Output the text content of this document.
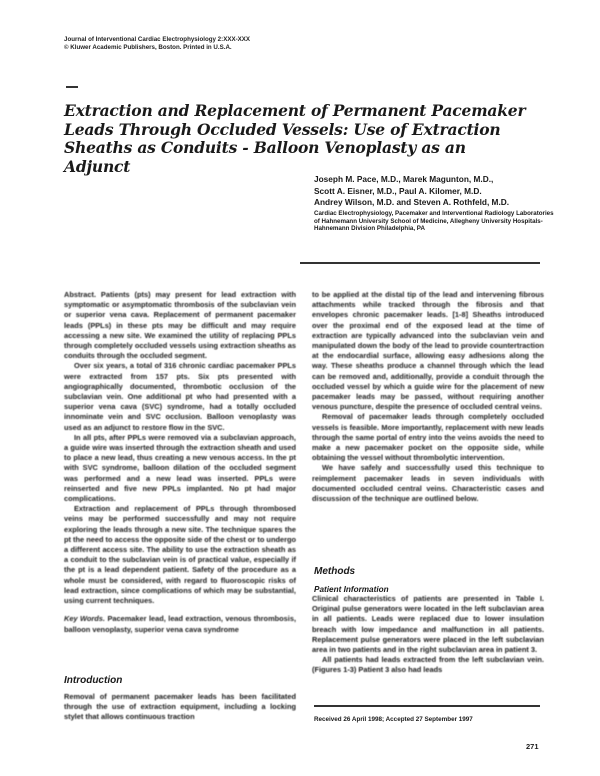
Journal of Interventional Cardiac Electrophysiology 2:XXX-XXX
© Kluwer Academic Publishers, Boston. Printed in U.S.A.
Extraction and Replacement of Permanent Pacemaker Leads Through Occluded Vessels: Use of Extraction Sheaths as Conduits - Balloon Venoplasty as an Adjunct
Joseph M. Pace, M.D., Marek Magunton, M.D.,
Scott A. Eisner, M.D., Paul A. Kilomer, M.D.
Andrey Wilson, M.D. and Steven A. Rothfeld, M.D.
Cardiac Electrophysiology, Pacemaker and Interventional Radiology Laboratories of Hahnemann University School of Medicine, Allegheny University Hospitals-Hahnemann Division Philadelphia, PA

Abstract. Patients (pts) may present for lead extraction with symptomatic or asymptomatic thrombosis of the subclavian vein or superior vena cava. Replacement of permanent pacemaker leads (PPLs) in these pts may be difficult and may require accessing a new site. We examined the utility of replacing PPLs through completely occluded vessels using extraction sheaths as conduits through the occluded segment.

Over six years, a total of 316 chronic cardiac pacemaker PPLs were extracted from 157 pts. Six pts presented with angiographically documented, thrombotic occlusion of the subclavian vein. One additional pt who had presented with a superior vena cava (SVC) syndrome, had a totally occluded innominate vein and SVC occlusion. Balloon venoplasty was used as an adjunct to restore flow in the SVC.

In all pts, after PPLs were removed via a subclavian approach, a guide wire was inserted through the extraction sheath and used to place a new lead, thus creating a new venous access. In the pt with SVC syndrome, balloon dilation of the occluded segment was performed and a new lead was inserted. PPLs were reinserted and five new PPLs implanted. No pt had major complications.

Extraction and replacement of PPLs through thrombosed veins may be performed successfully and may not require exploring the leads through a new site. The technique spares the pt the need to access the opposite side of the chest or to undergo a different access site. The ability to use the extraction sheath as a conduit to the subclavian vein is of practical value, especially if the pt is a lead dependent patient. Safety of the procedure as a whole must be considered, with regard to fluoroscopic risks of lead extraction, since complications of which may be substantial, using current techniques.

Key Words. Pacemaker lead, lead extraction, venous thrombosis, balloon venoplasty, superior vena cava syndrome

Introduction
Removal of permanent pacemaker leads has been facilitated through the use of extraction equipment, including a locking stylet that allows continuous traction

to be applied at the distal tip of the lead and intervening fibrous attachments while tracked through the fibrosis and that envelopes chronic pacemaker leads. [1-8] Sheaths introduced over the proximal end of the exposed lead at the time of extraction are typically advanced into the subclavian vein and manipulated down the body of the lead to provide countertraction at the endocardial surface, allowing easy adhesions along the way. These sheaths produce a channel through which the lead can be removed and, additionally, provide a conduit through the occluded vessel by which a guide wire for the placement of new pacemaker leads may be passed, without requiring another venous puncture, despite the presence of occluded central veins.

Removal of pacemaker leads through completely occluded vessels is feasible. More importantly, replacement with new leads through the same portal of entry into the veins avoids the need to make a new pacemaker pocket on the opposite side, while obtaining the vessel without thrombolytic intervention.

We have safely and successfully used this technique to reimplement pacemaker leads in seven individuals with documented occluded central veins. Characteristic cases and discussion of the technique are outlined below.

Methods
Patient Information

Clinical characteristics of patients are presented in Table I. Original pulse generators were located in the left subclavian area in all patients. Leads were replaced due to lower insulation breach with low impedance and malfunction in all patients. Replacement pulse generators were placed in the left subclavian area in two patients and in the right subclavian area in patient 3.

All patients had leads extracted from the left subclavian vein. (Figures 1-3) Patient 3 also had leads

Received 26 April 1998; Accepted 27 September 1997
271
